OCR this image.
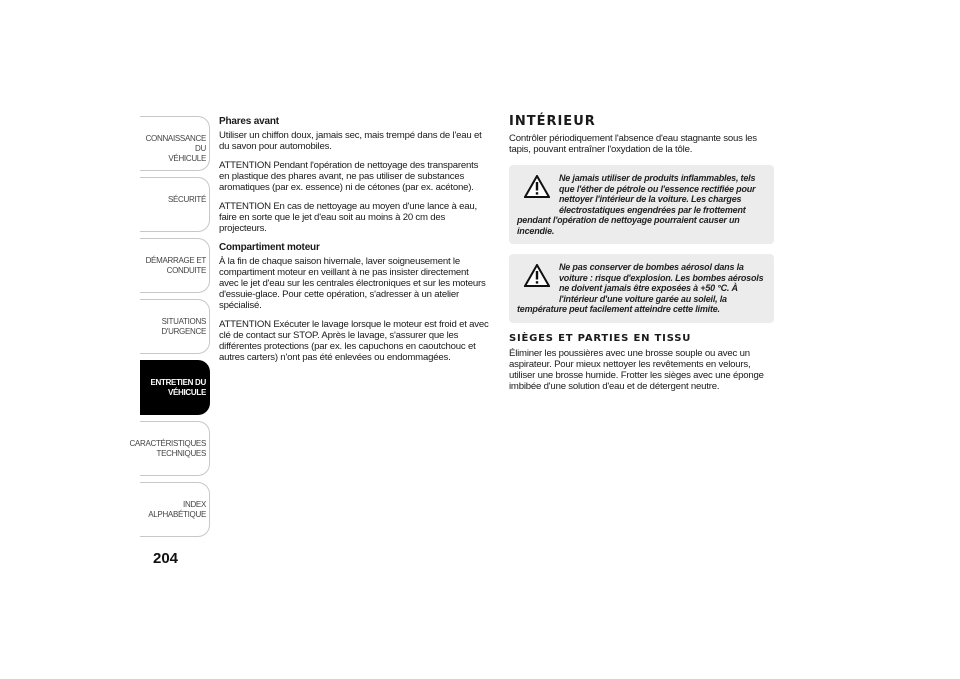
CONNAISSANCE DU
VÉHICULE
SÉCURITÉ
DÉMARRAGE ET
CONDUITE
SITUATIONS
D'URGENCE
ENTRETIEN DU
VÉHICULE
CARACTÉRISTIQUES
TECHNIQUES
INDEX
ALPHABÉTIQUE
204
Phares avant

Utiliser un chiffon doux, jamais sec, mais trempé dans de l'eau et du savon pour automobiles.

ATTENTION Pendant l'opération de nettoyage des transparents en plastique des phares avant, ne pas utiliser de substances aromatiques (par ex. essence) ni de cétones (par ex. acétone).

ATTENTION En cas de nettoyage au moyen d'une lance à eau, faire en sorte que le jet d'eau soit au moins à 20 cm des projecteurs.

Compartiment moteur

À la fin de chaque saison hivernale, laver soigneusement le compartiment moteur en veillant à ne pas insister directement avec le jet d'eau sur les centrales électroniques et sur les moteurs d'essuie-glace. Pour cette opération, s'adresser à un atelier spécialisé.

ATTENTION Exécuter le lavage lorsque le moteur est froid et avec clé de contact sur STOP. Après le lavage, s'assurer que les différentes protections (par ex. les capuchons en caoutchouc et autres carters) n'ont pas été enlevées ou endommagées.

INTÉRIEUR

Contrôler périodiquement l'absence d'eau stagnante sous les tapis, pouvant entraîner l'oxydation de la tôle.

Ne jamais utiliser de produits inflammables, tels que l'éther de pétrole ou l'essence rectifiée pour nettoyer l'intérieur de la voiture. Les charges électrostatiques engendrées par le frottement pendant l'opération de nettoyage pourraient causer un incendie.
Ne pas conserver de bombes aérosol dans la voiture : risque d'explosion. Les bombes aérosols ne doivent jamais être exposées à +50 °C. À l'intérieur d'une voiture garée au soleil, la température peut facilement atteindre cette limite.
SIÈGES ET PARTIES EN TISSU

Éliminer les poussières avec une brosse souple ou avec un aspirateur. Pour mieux nettoyer les revêtements en velours, utiliser une brosse humide. Frotter les sièges avec une éponge imbibée d'une solution d'eau et de détergent neutre.
